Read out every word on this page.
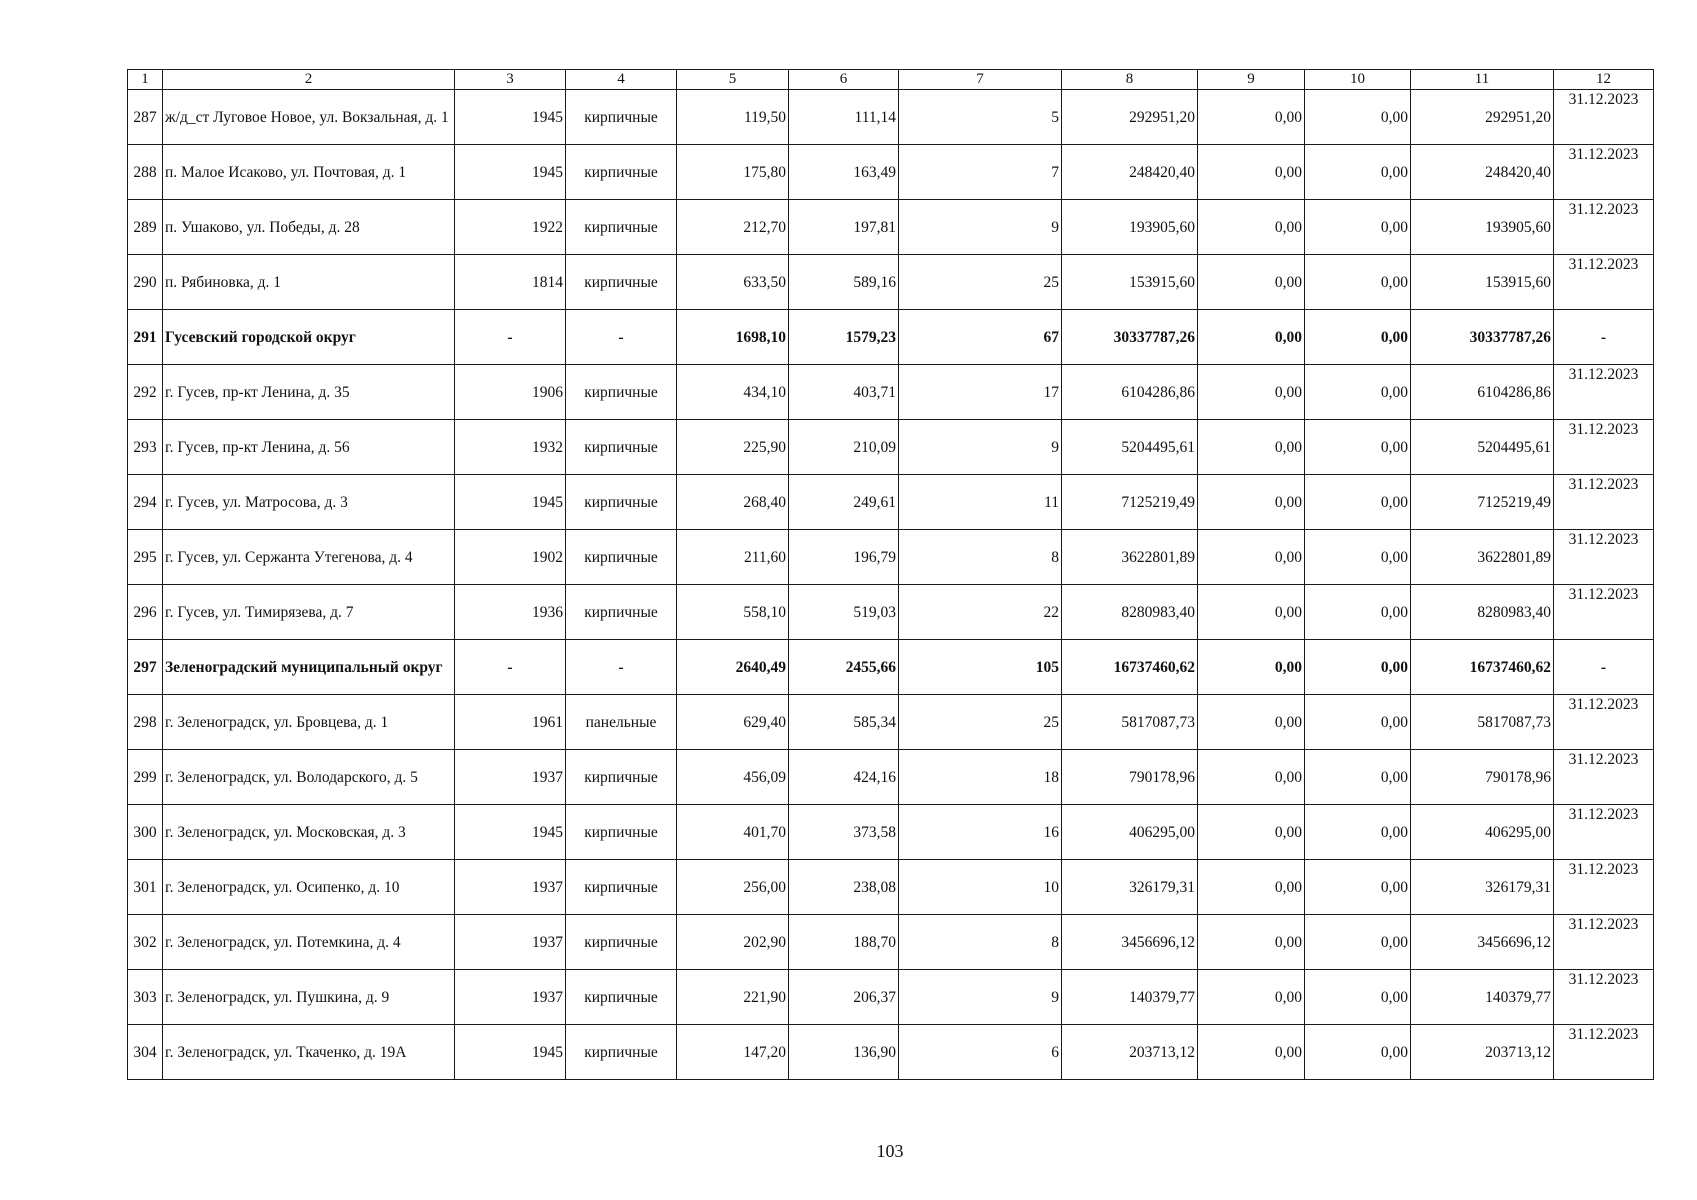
1	2	3	4	5	6	7	8	9	10	11	12
287	ж/д_ст Луговое Новое, ул. Вокзальная, д. 1	1945	кирпичные	119,50	111,14	5	292951,20	0,00	0,00	292951,20	31.12.2023
288	п. Малое Исаково, ул. Почтовая, д. 1	1945	кирпичные	175,80	163,49	7	248420,40	0,00	0,00	248420,40	31.12.2023
289	п. Ушаково, ул. Победы, д. 28	1922	кирпичные	212,70	197,81	9	193905,60	0,00	0,00	193905,60	31.12.2023
290	п. Рябиновка, д. 1	1814	кирпичные	633,50	589,16	25	153915,60	0,00	0,00	153915,60	31.12.2023
291	Гусевский городской округ	-	-	1698,10	1579,23	67	30337787,26	0,00	0,00	30337787,26	-
292	г. Гусев, пр-кт Ленина, д. 35	1906	кирпичные	434,10	403,71	17	6104286,86	0,00	0,00	6104286,86	31.12.2023
293	г. Гусев, пр-кт Ленина, д. 56	1932	кирпичные	225,90	210,09	9	5204495,61	0,00	0,00	5204495,61	31.12.2023
294	г. Гусев, ул. Матросова, д. 3	1945	кирпичные	268,40	249,61	11	7125219,49	0,00	0,00	7125219,49	31.12.2023
295	г. Гусев, ул. Сержанта Утегенова, д. 4	1902	кирпичные	211,60	196,79	8	3622801,89	0,00	0,00	3622801,89	31.12.2023
296	г. Гусев, ул. Тимирязева, д. 7	1936	кирпичные	558,10	519,03	22	8280983,40	0,00	0,00	8280983,40	31.12.2023
297	Зеленоградский муниципальный округ	-	-	2640,49	2455,66	105	16737460,62	0,00	0,00	16737460,62	-
298	г. Зеленоградск, ул. Бровцева, д. 1	1961	панельные	629,40	585,34	25	5817087,73	0,00	0,00	5817087,73	31.12.2023
299	г. Зеленоградск, ул. Володарского, д. 5	1937	кирпичные	456,09	424,16	18	790178,96	0,00	0,00	790178,96	31.12.2023
300	г. Зеленоградск, ул. Московская, д. 3	1945	кирпичные	401,70	373,58	16	406295,00	0,00	0,00	406295,00	31.12.2023
301	г. Зеленоградск, ул. Осипенко, д. 10	1937	кирпичные	256,00	238,08	10	326179,31	0,00	0,00	326179,31	31.12.2023
302	г. Зеленоградск, ул. Потемкина, д. 4	1937	кирпичные	202,90	188,70	8	3456696,12	0,00	0,00	3456696,12	31.12.2023
303	г. Зеленоградск, ул. Пушкина, д. 9	1937	кирпичные	221,90	206,37	9	140379,77	0,00	0,00	140379,77	31.12.2023
304	г. Зеленоградск, ул. Ткаченко, д. 19А	1945	кирпичные	147,20	136,90	6	203713,12	0,00	0,00	203713,12	31.12.2023
103
